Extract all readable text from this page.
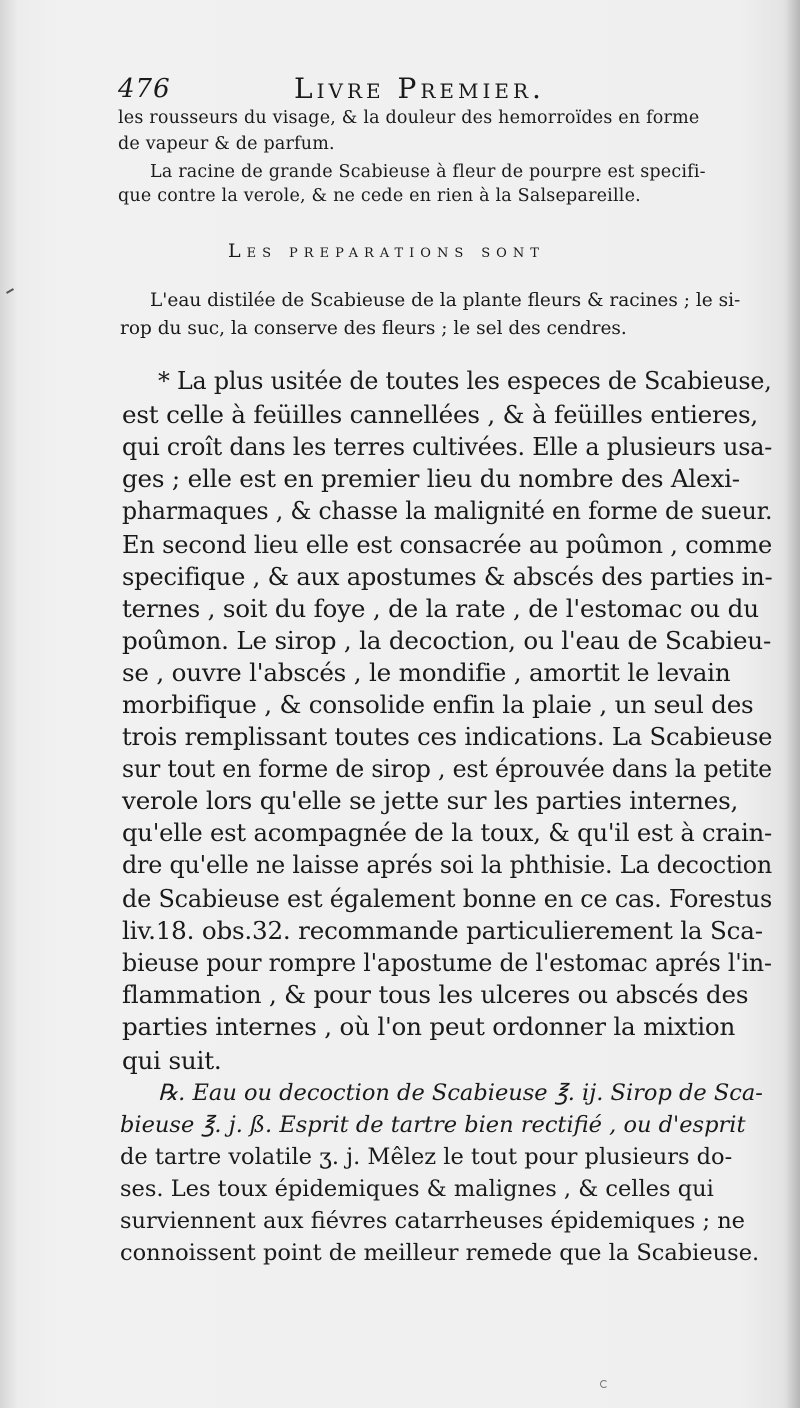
476	Livre Premier.
les rousseurs du visage, & la douleur des hemorroïdes en forme
de vapeur & de parfum.
La racine de grande Scabieuse à fleur de pourpre est specifi-
que contre la verole, & ne cede en rien à la Salsepareille.
Les preparations sont
L'eau distilée de Scabieuse de la plante fleurs & racines ; le si-
rop du suc, la conserve des fleurs ; le sel des cendres.
* La plus usitée de toutes les especes de Scabieuse,
est celle à feüilles cannellées , & à feüilles entieres,
qui croît dans les terres cultivées. Elle a plusieurs usa-
ges ; elle est en premier lieu du nombre des Alexi-
pharmaques , & chasse la malignité en forme de sueur.
En second lieu elle est consacrée au poûmon , comme
specifique , & aux apostumes & abscés des parties in-
ternes , soit du foye , de la rate , de l'estomac ou du
poûmon. Le sirop , la decoction, ou l'eau de Scabieu-
se , ouvre l'abscés , le mondifie , amortit le levain
morbifique , & consolide enfin la plaie , un seul des
trois remplissant toutes ces indications. La Scabieuse
sur tout en forme de sirop , est éprouvée dans la petite
verole lors qu'elle se jette sur les parties internes,
qu'elle est acompagnée de la toux, & qu'il est à crain-
dre qu'elle ne laisse aprés soi la phthisie. La decoction
de Scabieuse est également bonne en ce cas. Forestus
liv.18. obs.32. recommande particulierement la Sca-
bieuse pour rompre l'apostume de l'estomac aprés l'in-
flammation , & pour tous les ulceres ou abscés des
parties internes , où l'on peut ordonner la mixtion
qui suit.
℞. Eau ou decoction de Scabieuse ℥. ij. Sirop de Sca-
bieuse ℥. j. ß. Esprit de tartre bien rectifié , ou d'esprit
de tartre volatile ʒ. j. Mêlez le tout pour plusieurs do-
ses. Les toux épidemiques & malignes , & celles qui
surviennent aux fiévres catarrheuses épidemiques ; ne
connoissent point de meilleur remede que la Scabieuse.
